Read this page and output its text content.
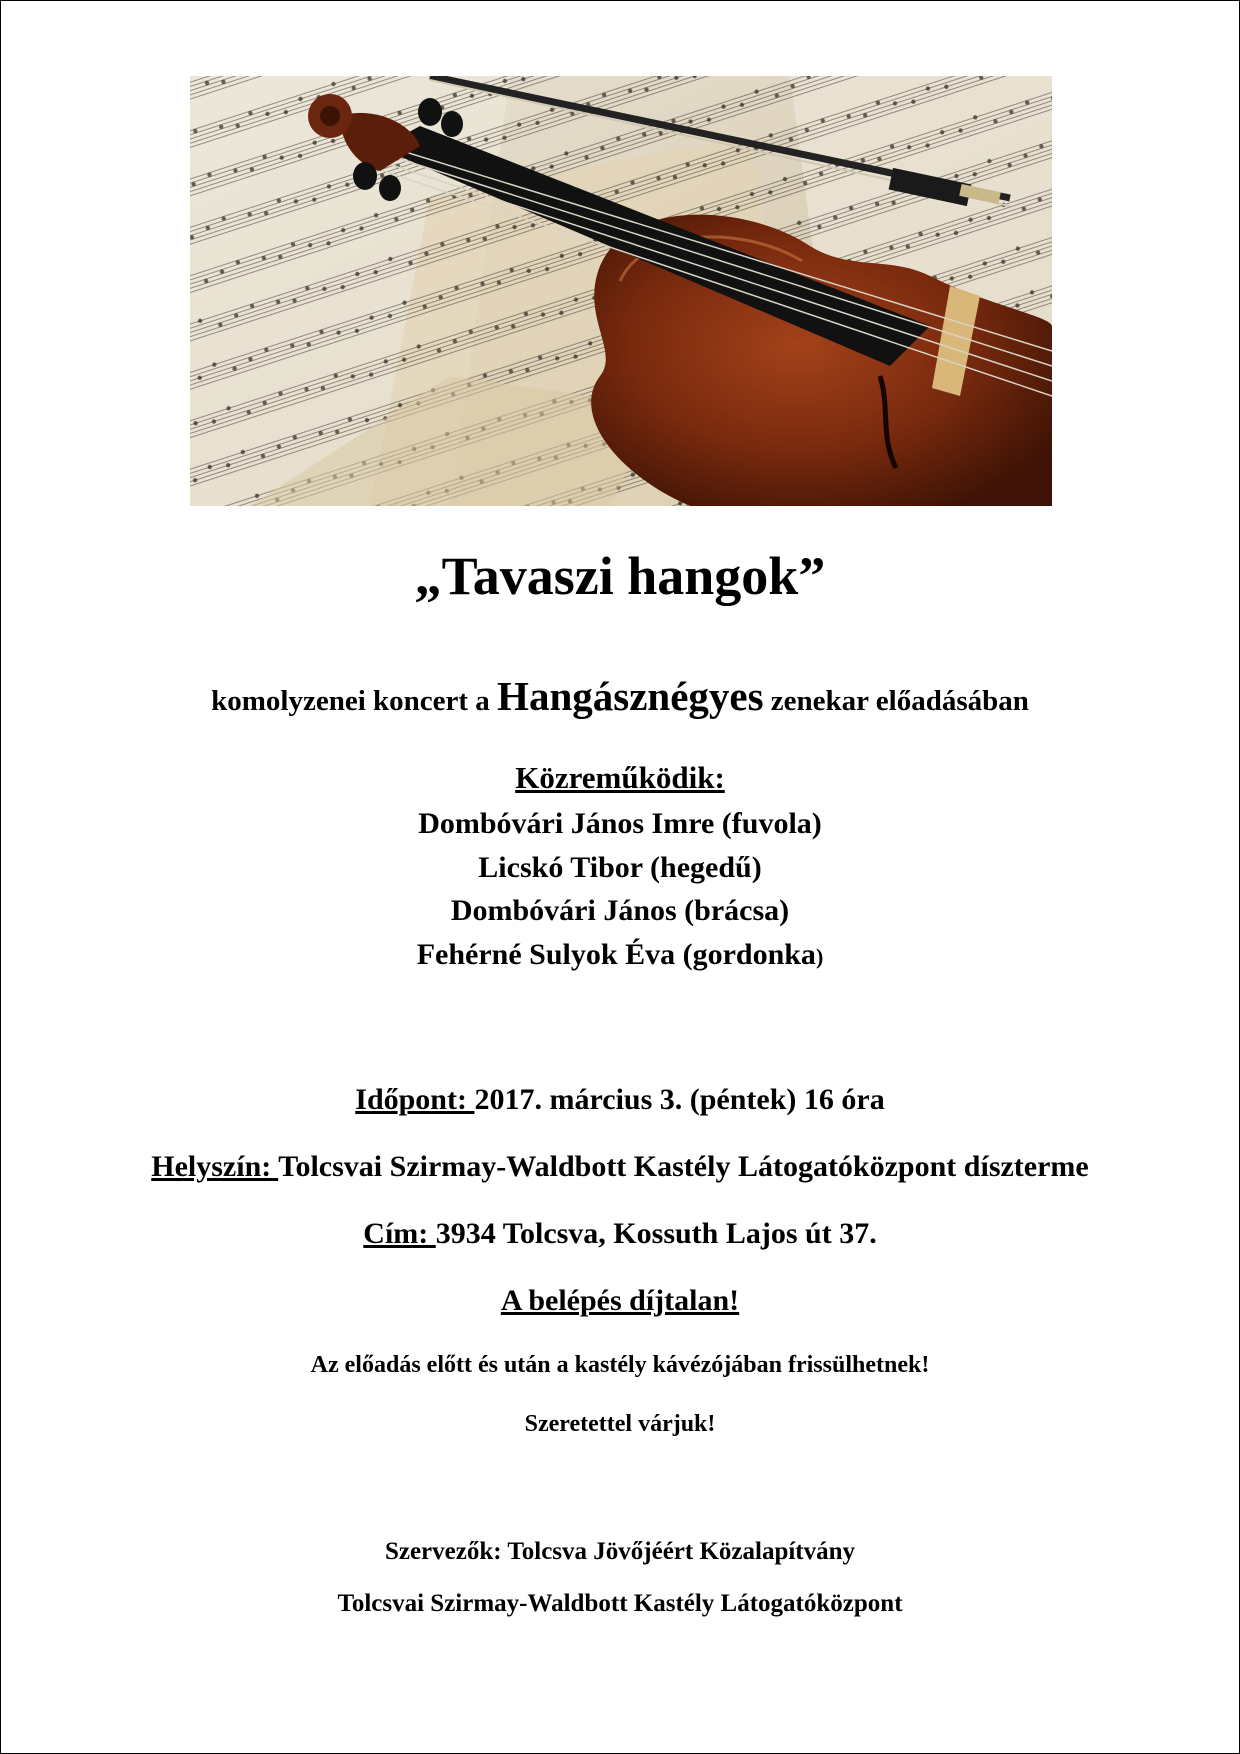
„Tavaszi hangok”
komolyzenei koncert a Hangásznégyes zenekar előadásában
Közreműködik:
Dombóvári János Imre (fuvola)
Licskó Tibor (hegedű)
Dombóvári János (brácsa)
Fehérné Sulyok Éva (gordonka)
Időpont: 2017. március 3. (péntek) 16 óra
Helyszín: Tolcsvai Szirmay-Waldbott Kastély Látogatóközpont díszterme
Cím: 3934 Tolcsva, Kossuth Lajos út 37.
A belépés díjtalan!
Az előadás előtt és után a kastély kávézójában frissülhetnek!
Szeretettel várjuk!
Szervezők: Tolcsva Jövőjéért Közalapítvány
Tolcsvai Szirmay-Waldbott Kastély Látogatóközpont
